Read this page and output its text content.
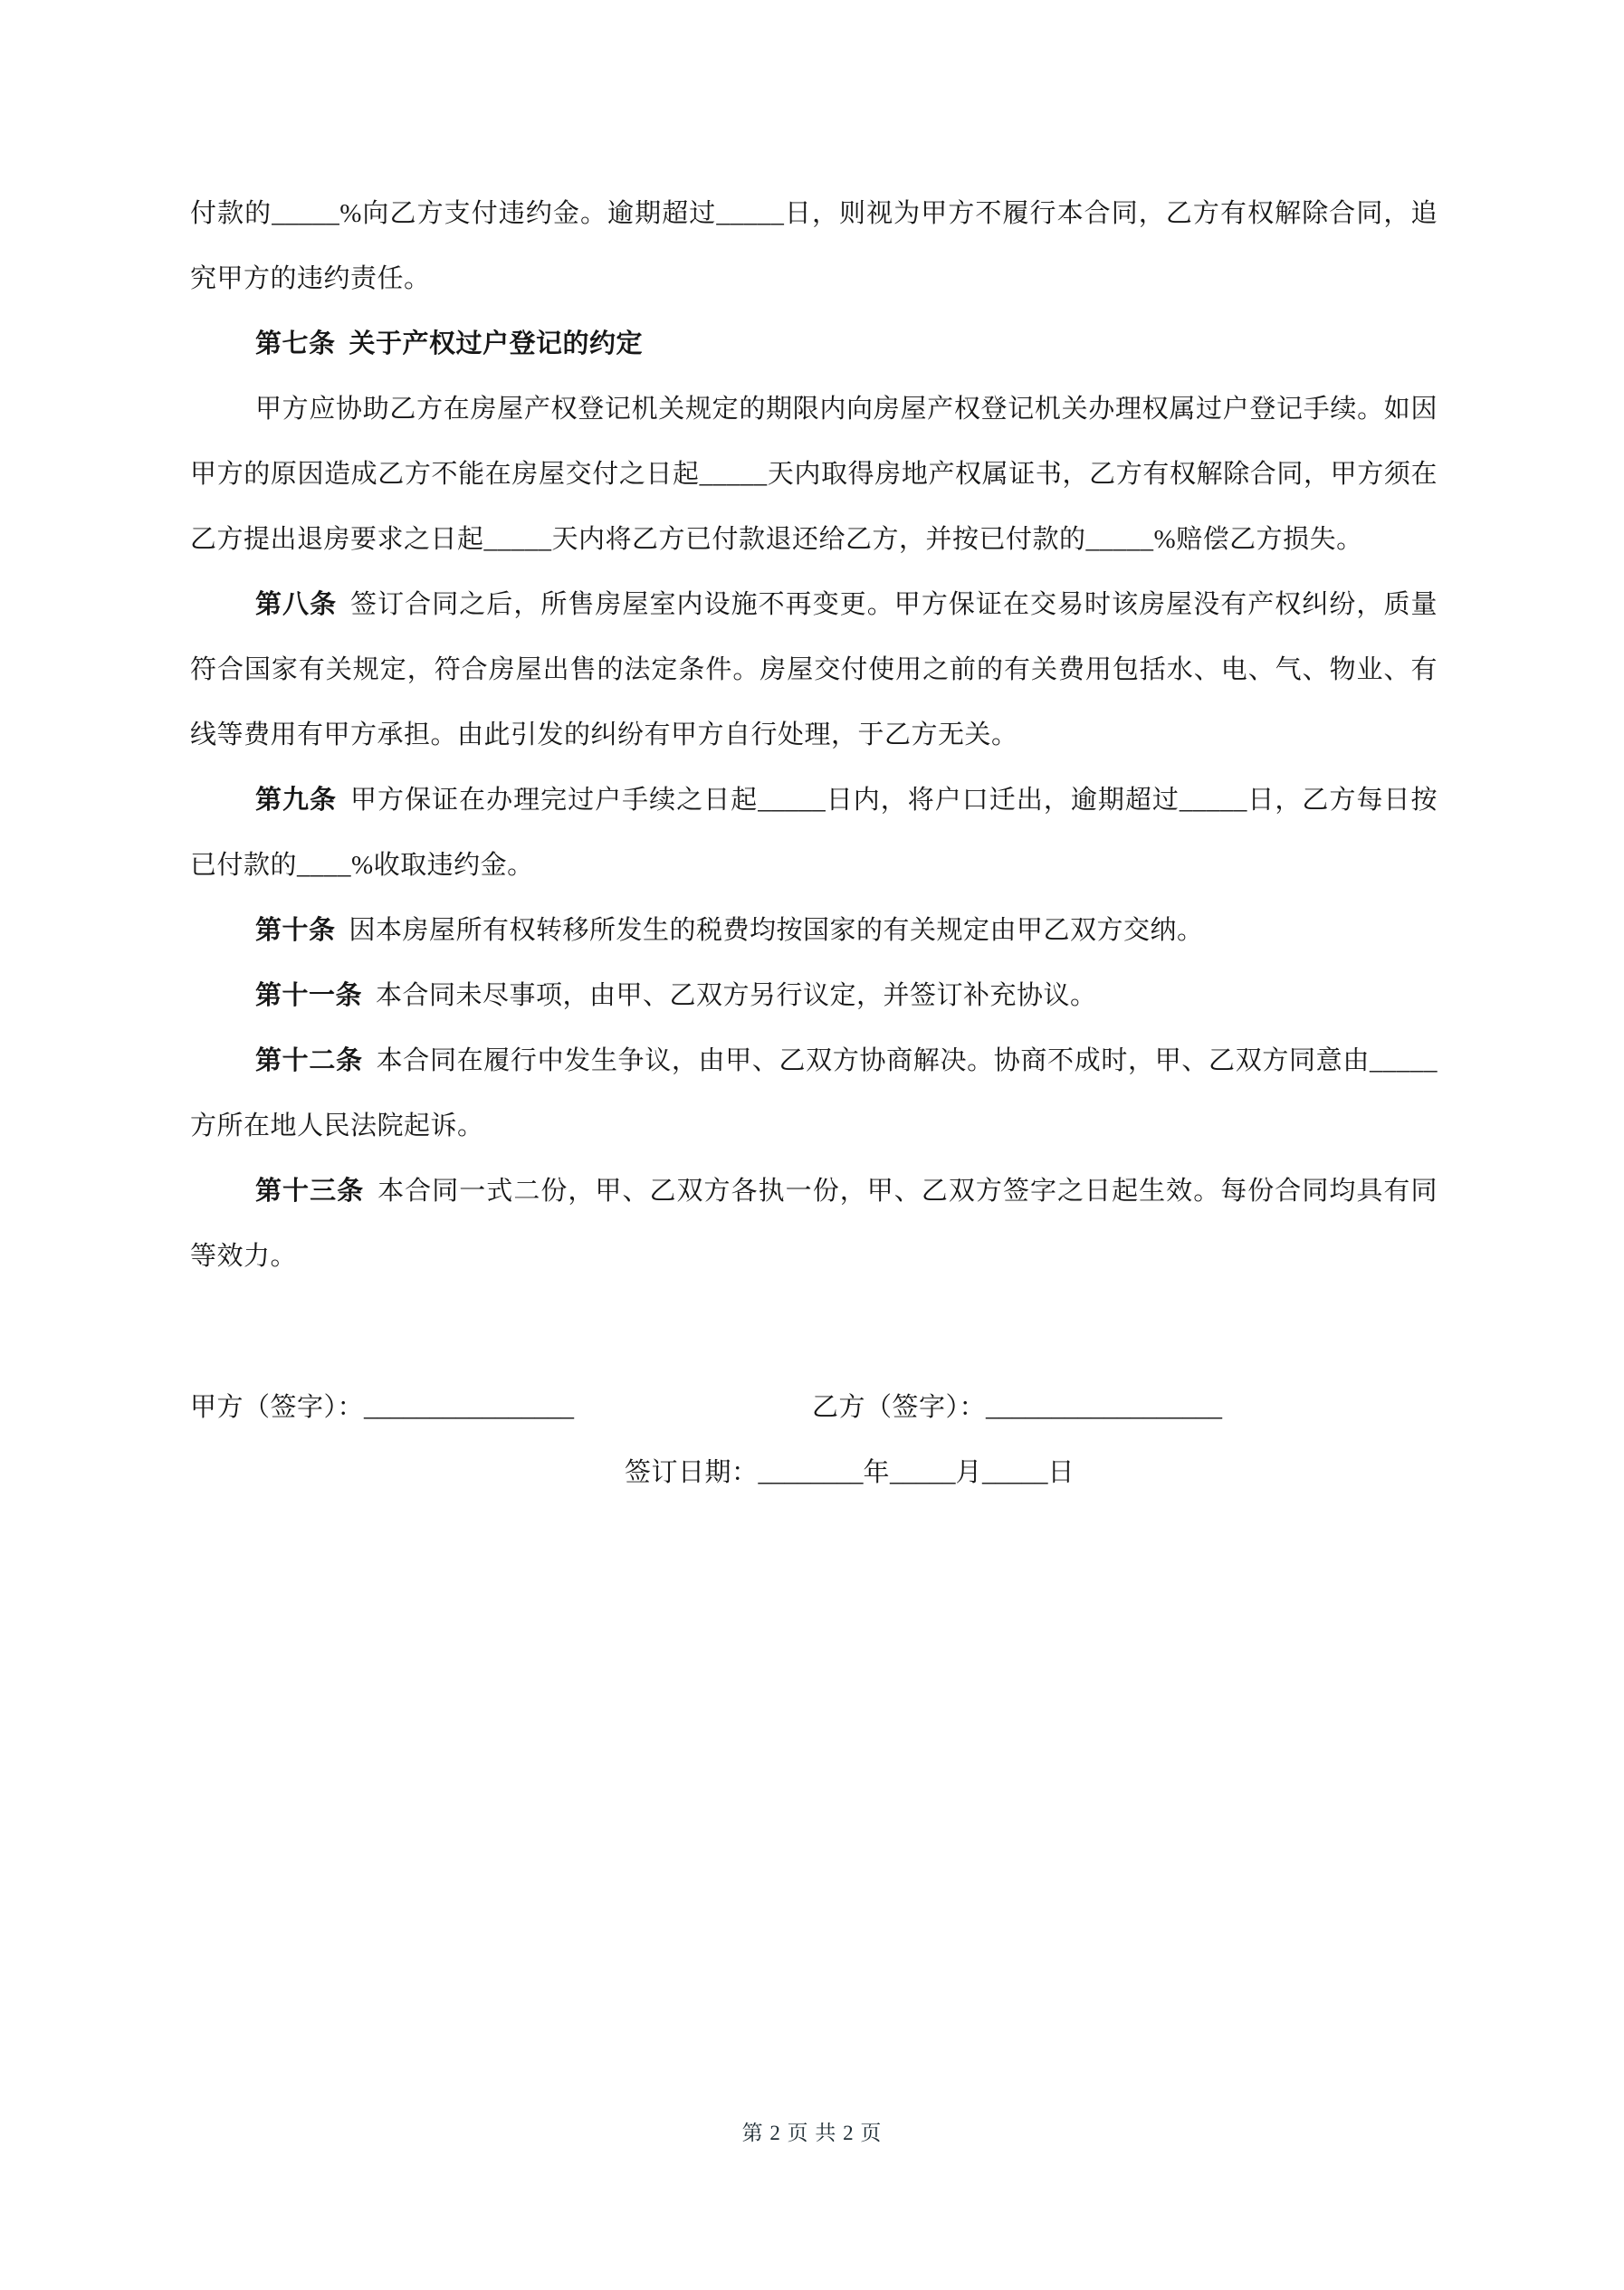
付款的_____%向乙方支付违约金。逾期超过_____日，则视为甲方不履行本合同，乙方有权解除合同，追究甲方的违约责任。

第七条 关于产权过户登记的约定

甲方应协助乙方在房屋产权登记机关规定的期限内向房屋产权登记机关办理权属过户登记手续。如因甲方的原因造成乙方不能在房屋交付之日起_____天内取得房地产权属证书，乙方有权解除合同，甲方须在乙方提出退房要求之日起_____天内将乙方已付款退还给乙方，并按已付款的_____%赔偿乙方损失。

第八条 签订合同之后，所售房屋室内设施不再变更。甲方保证在交易时该房屋没有产权纠纷，质量符合国家有关规定，符合房屋出售的法定条件。房屋交付使用之前的有关费用包括水、电、气、物业、有线等费用有甲方承担。由此引发的纠纷有甲方自行处理，于乙方无关。

第九条 甲方保证在办理完过户手续之日起_____日内，将户口迁出，逾期超过_____日，乙方每日按已付款的____%收取违约金。

第十条 因本房屋所有权转移所发生的税费均按国家的有关规定由甲乙双方交纳。

第十一条 本合同未尽事项，由甲、乙双方另行议定，并签订补充协议。

第十二条 本合同在履行中发生争议，由甲、乙双方协商解决。协商不成时，甲、乙双方同意由_____方所在地人民法院起诉。

第十三条 本合同一式二份，甲、乙双方各执一份，甲、乙双方签字之日起生效。每份合同均具有同等效力。

甲方（签字）：________________	乙方（签字）：__________________

签订日期：________年_____月_____日

第 2 页 共 2 页
